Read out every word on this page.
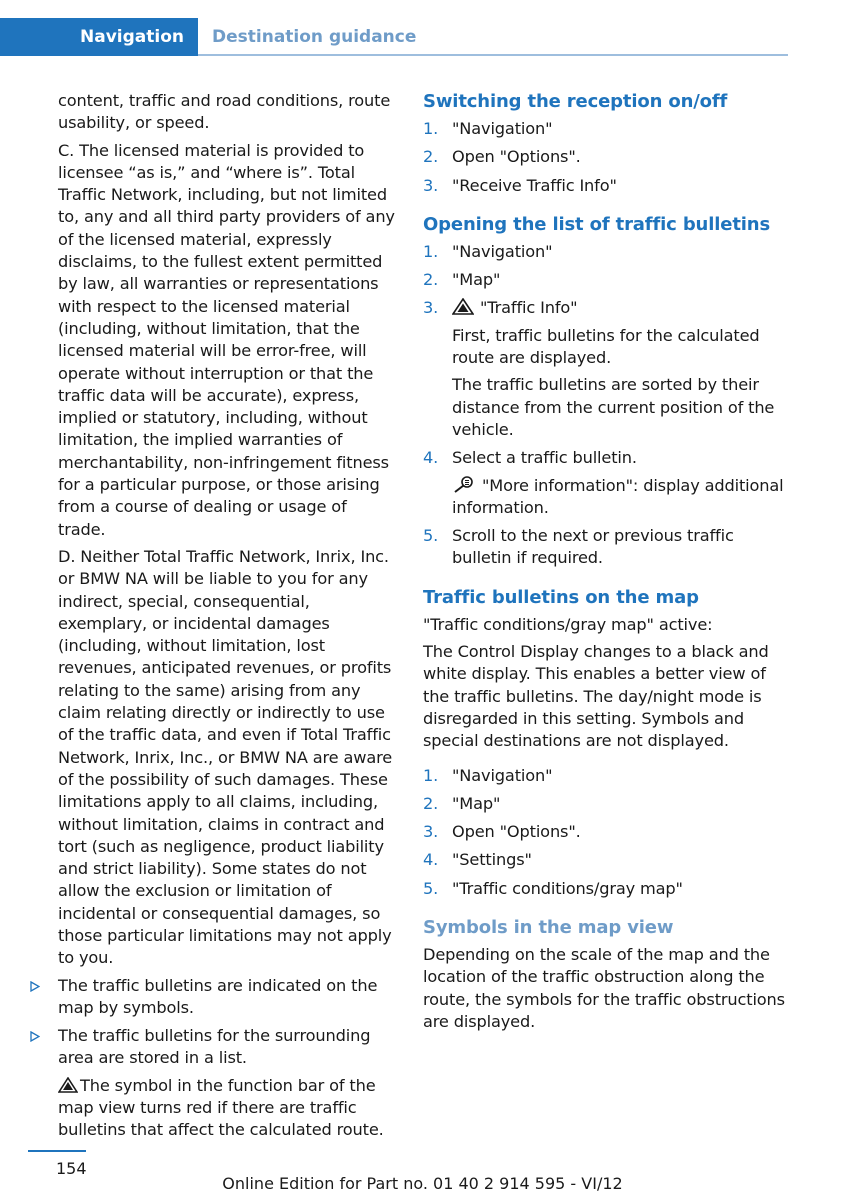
Navigation Destination guidance

content, traffic and road conditions, route usability, or speed.

C. The licensed material is provided to licensee “as is,” and “where is”. Total Traffic Network, including, but not limited to, any and all third party providers of any of the licensed material, expressly disclaims, to the fullest extent permitted by law, all warranties or representations with respect to the licensed material (including, without limitation, that the licensed material will be error-free, will operate without interruption or that the traffic data will be accurate), express, implied or statutory, including, without limitation, the implied warranties of merchantability, non-infringement fitness for a particular purpose, or those arising from a course of dealing or usage of trade.

D. Neither Total Traffic Network, Inrix, Inc. or BMW NA will be liable to you for any indirect, special, consequential, exemplary, or incidental damages (including, without limitation, lost revenues, anticipated revenues, or profits relating to the same) arising from any claim relating directly or indirectly to use of the traffic data, and even if Total Traffic Network, Inrix, Inc., or BMW NA are aware of the possibility of such damages. These limitations apply to all claims, including, without limitation, claims in contract and tort (such as negligence, product liability and strict liability). Some states do not allow the exclusion or limitation of incidental or consequential damages, so those particular limitations may not apply to you.

The traffic bulletins are indicated on the map by symbols.
The traffic bulletins for the surrounding area are stored in a list.
The symbol in the function bar of the map view turns red if there are traffic bulletins that affect the calculated route.
Switching the reception on/off
1. "Navigation"
2. Open "Options".
3. "Receive Traffic Info"
Opening the list of traffic bulletins
1. "Navigation"
2. "Map"
3.	"Traffic Info"
First, traffic bulletins for the calculated route are displayed.
The traffic bulletins are sorted by their distance from the current position of the vehicle.
4. Select a traffic bulletin.
"More information": display additional information.
5. Scroll to the next or previous traffic bulletin if required.
Traffic bulletins on the map

"Traffic conditions/gray map" active:

The Control Display changes to a black and white display. This enables a better view of the traffic bulletins. The day/night mode is disregarded in this setting. Symbols and special destinations are not displayed.

1. "Navigation"
2. "Map"
3. Open "Options".
4. "Settings"
5. "Traffic conditions/gray map"
Symbols in the map view

Depending on the scale of the map and the location of the traffic obstruction along the route, the symbols for the traffic obstructions are displayed.

154
Online Edition for Part no. 01 40 2 914 595 - VI/12
